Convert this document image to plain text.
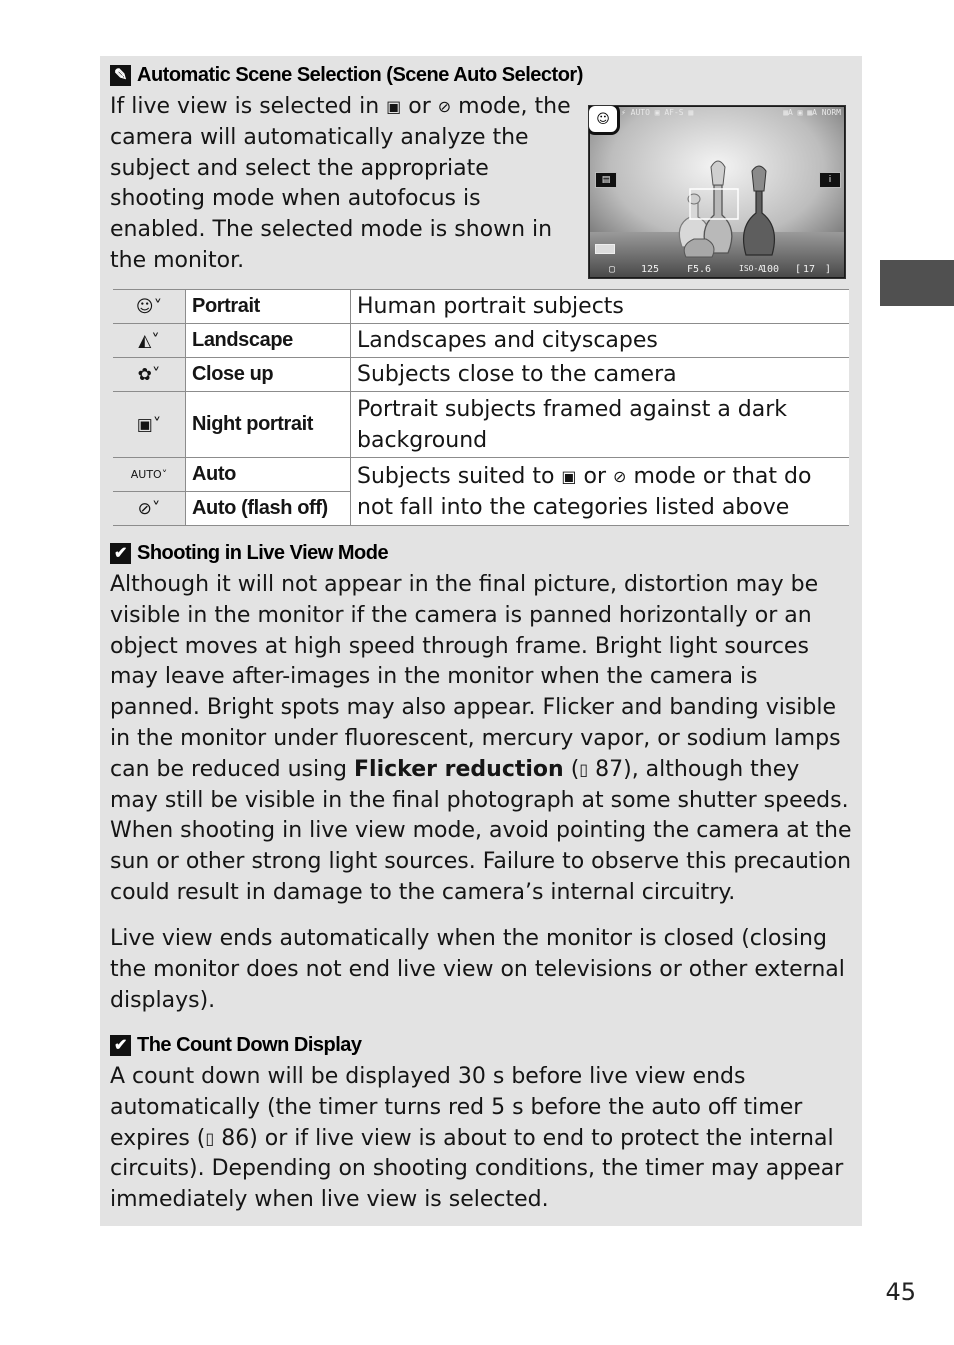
✎ Automatic Scene Selection (Scene Auto Selector)
If live view is selected in ▣ or ⊘ mode, the
camera will automatically analyze the
subject and select the appropriate
shooting mode when autofocus is
enabled. The selected mode is shown in
the monitor.
⚡ AUTO ▣ AF-S ▦	▦A ▣ ▦A NORM
☺
▤	i
▢	125	F5.6	ISO-A
100 [ 17 ]
☺˅	Portrait	Human portrait subjects
◭˅	Landscape	Landscapes and cityscapes
✿˅	Close up	Subjects close to the camera
▣˅	Night portrait	Portrait subjects framed against a dark background
AUTO˅	Auto	Subjects suited to ▣ or ⊘ mode or that do not fall into the categories listed above
⊘˅	Auto (flash off)	
✔ Shooting in Live View Mode

Although it will not appear in the final picture, distortion may be visible in the monitor if the camera is panned horizontally or an object moves at high speed through frame. Bright light sources may leave after-images in the monitor when the camera is panned. Bright spots may also appear. Flicker and banding visible in the monitor under fluorescent, mercury vapor, or sodium lamps can be reduced using Flicker reduction (▯ 87), although they may still be visible in the final photograph at some shutter speeds. When shooting in live view mode, avoid pointing the camera at the sun or other strong light sources. Failure to observe this precaution could result in damage to the camera’s internal circuitry.

Live view ends automatically when the monitor is closed (closing the monitor does not end live view on televisions or other external displays).

✔ The Count Down Display

A count down will be displayed 30 s before live view ends automatically (the timer turns red 5 s before the auto off timer expires (▯ 86) or if live view is about to end to protect the internal circuits). Depending on shooting conditions, the timer may appear immediately when live view is selected.

45
